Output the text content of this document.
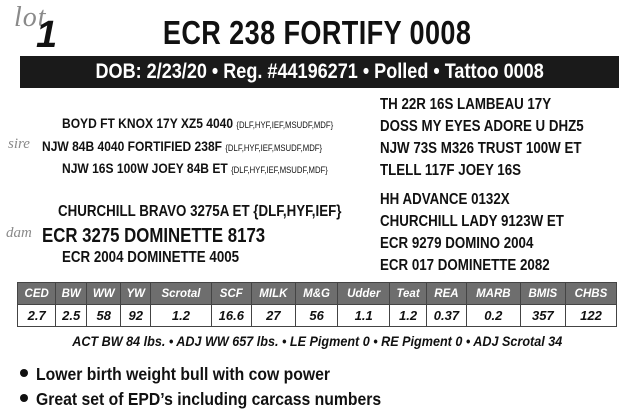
lot
1	ECR 238 FORTIFY 0008
DOB: 2/23/20 • Reg. #44196271 • Polled • Tattoo 0008
BOYD FT KNOX 17Y XZ5 4040 {DLF,HYF,IEF,MSUDF,MDF}
sire NJW 84B 4040 FORTIFIED 238F {DLF,HYF,IEF,MSUDF,MDF}
NJW 16S 100W JOEY 84B ET {DLF,HYF,IEF,MSUDF,MDF}
TH 22R 16S LAMBEAU 17Y
DOSS MY EYES ADORE U DHZ5
NJW 73S M326 TRUST 100W ET
TLELL 117F JOEY 16S
CHURCHILL BRAVO 3275A ET {DLF,HYF,IEF}
dam ECR 3275 DOMINETTE 8173
ECR 2004 DOMINETTE 4005
HH ADVANCE 0132X
CHURCHILL LADY 9123W ET
ECR 9279 DOMINO 2004
ECR 017 DOMINETTE 2082
CED	BW	WW	YW	Scrotal	SCF	MILK	M&G	Udder	Teat	REA	MARB	BMIS	CHBS
2.7	2.5	58	92	1.2	16.6	27	56	1.1	1.2	0.37	0.2	357	122
ACT BW 84 lbs. • ADJ WW 657 lbs. • LE Pigment 0 • RE Pigment 0 • ADJ Scrotal 34
Lower birth weight bull with cow power
Great set of EPD’s including carcass numbers
